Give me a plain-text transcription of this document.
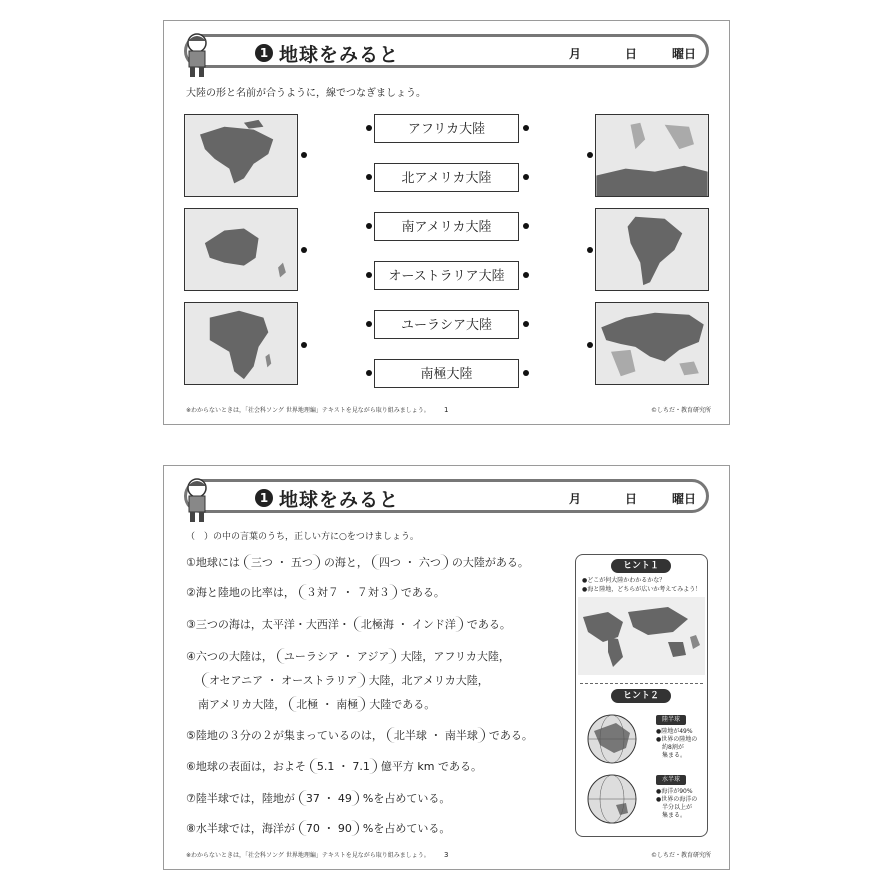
1 地球をみると	月	日	曜日
大陸の形と名前が合うように，線でつなぎましょう。
アフリカ大陸
北アメリカ大陸
南アメリカ大陸
オーストラリア大陸
ユーラシア大陸
南極大陸
※わからないときは，「社会科ソング 世界地理編」テキストを見ながら取り組みましょう。 1	©しちだ・教育研究所
1 地球をみると	月	日	曜日
（　）の中の言葉のうち，正しい方に○をつけましょう。
①地球には 三つ ・ 五つ の海と， 四つ ・ 六つ の大陸がある。
②海と陸地の比率は， ３対７ ・ ７対３ である。
③三つの海は，太平洋・大西洋・ 北極海 ・ インド洋 である。
④六つの大陸は， ユーラシア ・ アジア 大陸，アフリカ大陸，
オセアニア ・ オーストラリア 大陸，北アメリカ大陸，
南アメリカ大陸， 北極 ・ 南極 大陸である。
⑤陸地の３分の２が集まっているのは， 北半球 ・ 南半球 である。
⑥地球の表面は，およそ 5.1 ・ 7.1 億平方 km である。
⑦陸半球では，陸地が 37 ・ 49 %を占めている。
⑧水半球では，海洋が 70 ・ 90 %を占めている。
ヒント１
●どこが何大陸かわかるかな？
●海と陸地，どちらが広いか考えてみよう！
ヒント２
陸半球
●陸地が49%
●世界の陸地の
　約8割が
　集まる。
水半球
●海洋が90%
●世界の海洋の
　半分以上が
　集まる。
※わからないときは，「社会科ソング 世界地理編」テキストを見ながら取り組みましょう。 3	©しちだ・教育研究所
